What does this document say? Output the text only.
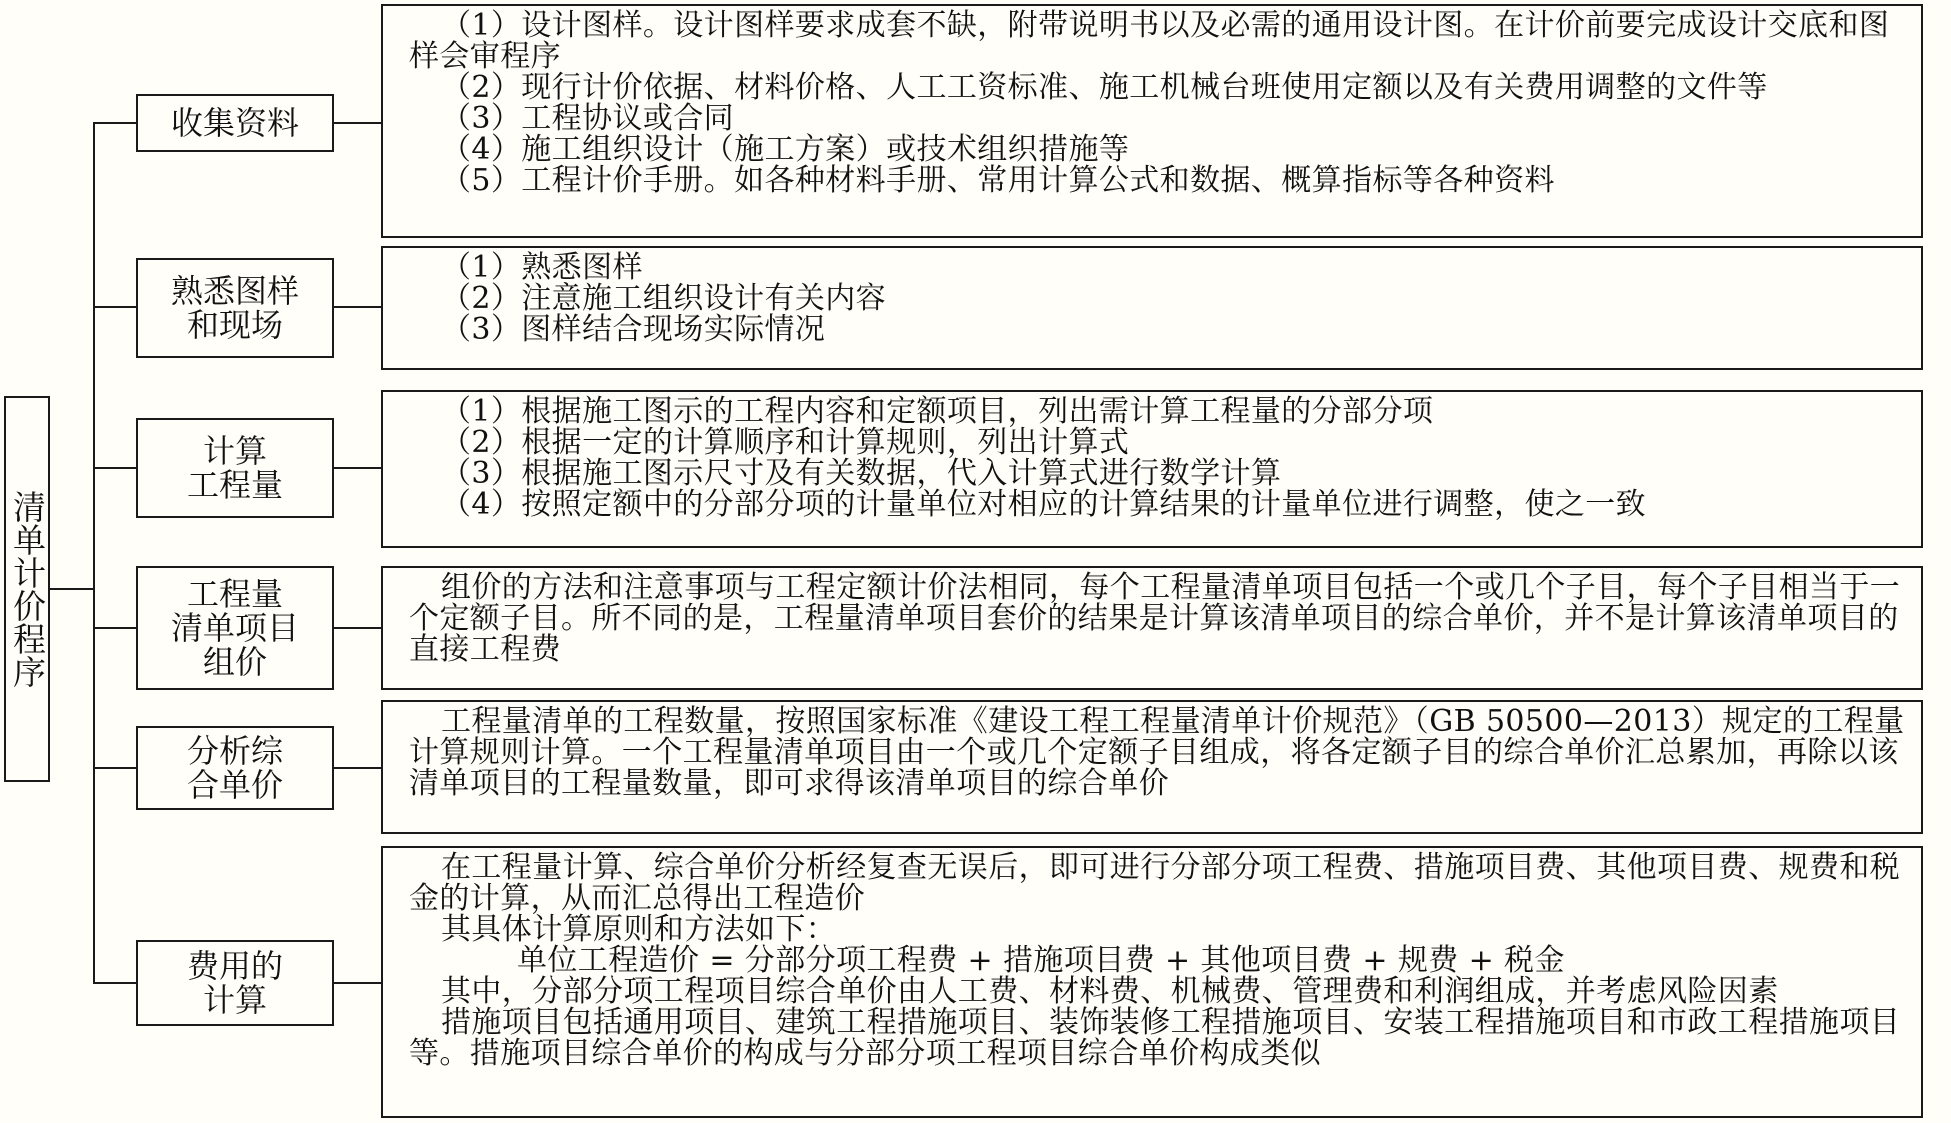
清单计价程序
收集资料

（1）设计图样。设计图样要求成套不缺，附带说明书以及必需的通用设计图。在计价前要完成设计交底和图样会审程序

（2）现行计价依据、材料价格、人工工资标准、施工机械台班使用定额以及有关费用调整的文件等

（3）工程协议或合同

（4）施工组织设计（施工方案）或技术组织措施等

（5）工程计价手册。如各种材料手册、常用计算公式和数据、概算指标等各种资料

熟悉图样
和现场

（1）熟悉图样

（2）注意施工组织设计有关内容

（3）图样结合现场实际情况

计算
工程量

（1）根据施工图示的工程内容和定额项目，列出需计算工程量的分部分项

（2）根据一定的计算顺序和计算规则，列出计算式

（3）根据施工图示尺寸及有关数据，代入计算式进行数学计算

（4）按照定额中的分部分项的计量单位对相应的计算结果的计量单位进行调整，使之一致

工程量
清单项目
组价

组价的方法和注意事项与工程定额计价法相同，每个工程量清单项目包括一个或几个子目，每个子目相当于一个定额子目。所不同的是，工程量清单项目套价的结果是计算该清单项目的综合单价，并不是计算该清单项目的直接工程费

分析综
合单价

工程量清单的工程数量，按照国家标准《建设工程工程量清单计价规范》（GB 50500—2013）规定的工程量计算规则计算。一个工程量清单项目由一个或几个定额子目组成，将各定额子目的综合单价汇总累加，再除以该清单项目的工程量数量，即可求得该清单项目的综合单价

费用的
计算

在工程量计算、综合单价分析经复查无误后，即可进行分部分项工程费、措施项目费、其他项目费、规费和税金的计算，从而汇总得出工程造价

其具体计算原则和方法如下：

单位工程造价 = 分部分项工程费 + 措施项目费 + 其他项目费 + 规费 + 税金

其中，分部分项工程项目综合单价由人工费、材料费、机械费、管理费和利润组成，并考虑风险因素

措施项目包括通用项目、建筑工程措施项目、装饰装修工程措施项目、安装工程措施项目和市政工程措施项目等。措施项目综合单价的构成与分部分项工程项目综合单价构成类似
